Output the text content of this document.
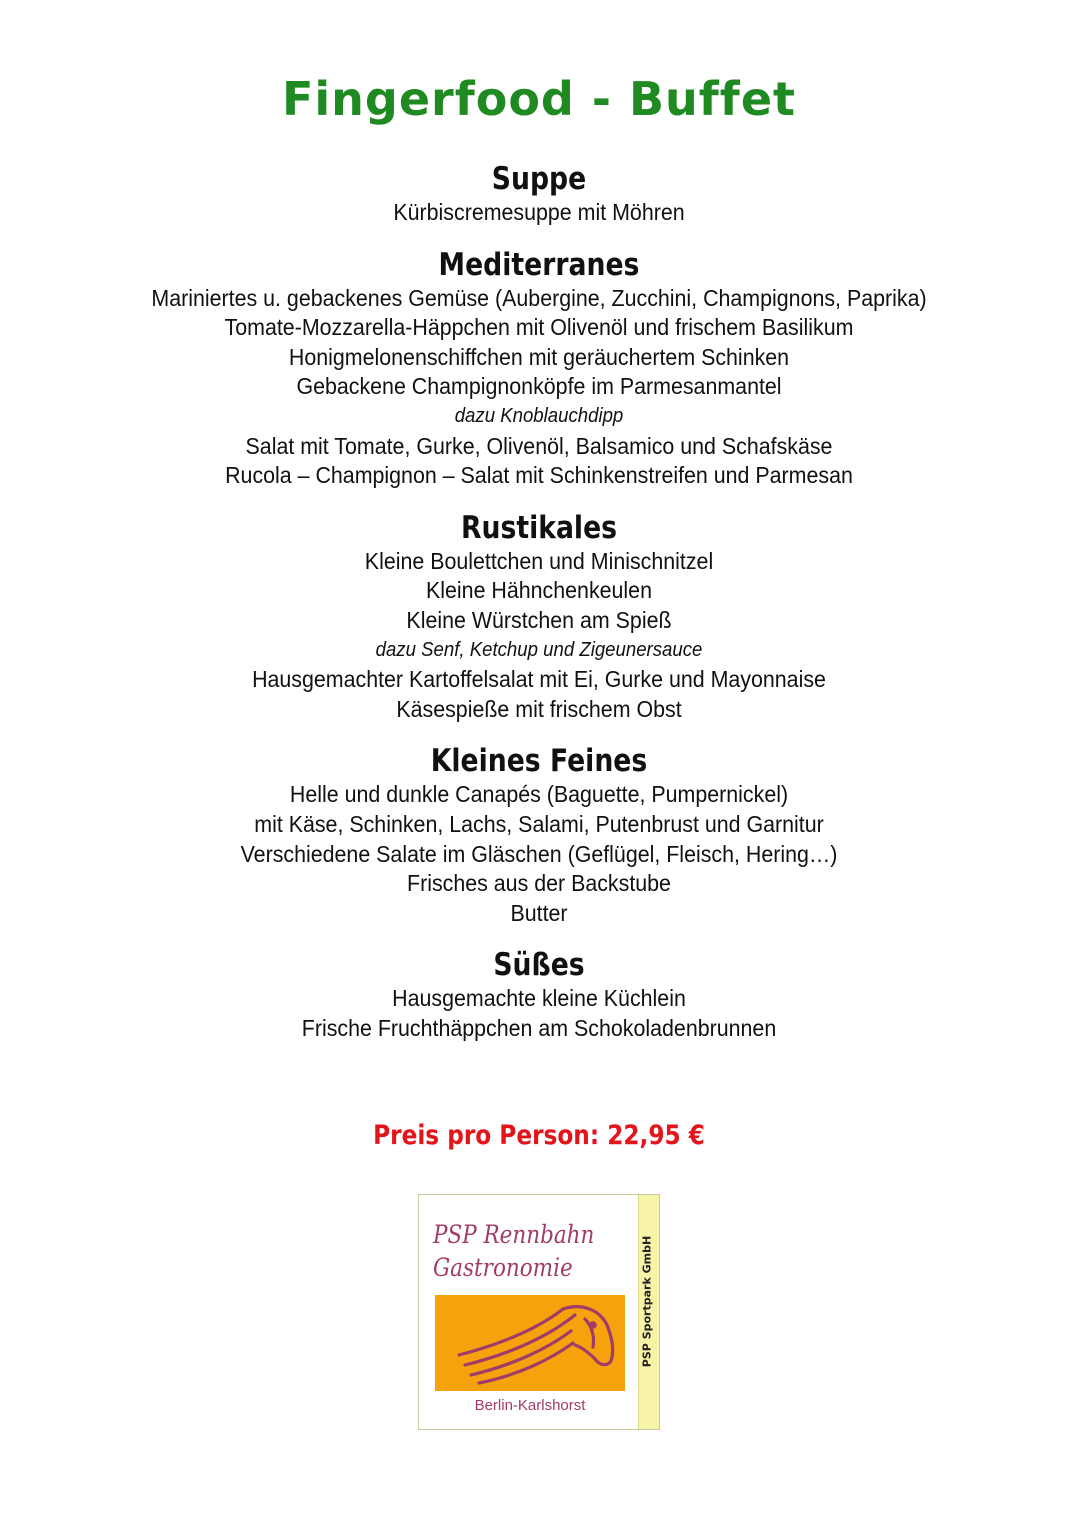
Fingerfood - Buffet
Suppe

Kürbiscremesuppe mit Möhren

Mediterranes

Mariniertes u. gebackenes Gemüse (Aubergine, Zucchini, Champignons, Paprika)

Tomate-Mozzarella-Häppchen mit Olivenöl und frischem Basilikum

Honigmelonenschiffchen mit geräuchertem Schinken

Gebackene Champignonköpfe im Parmesanmantel

dazu Knoblauchdipp

Salat mit Tomate, Gurke, Olivenöl, Balsamico und Schafskäse

Rucola – Champignon – Salat mit Schinkenstreifen und Parmesan

Rustikales

Kleine Boulettchen und Minischnitzel

Kleine Hähnchenkeulen

Kleine Würstchen am Spieß

dazu Senf, Ketchup und Zigeunersauce

Hausgemachter Kartoffelsalat mit Ei, Gurke und Mayonnaise

Käsespieße mit frischem Obst

Kleines Feines

Helle und dunkle Canapés (Baguette, Pumpernickel)

mit Käse, Schinken, Lachs, Salami, Putenbrust und Garnitur

Verschiedene Salate im Gläschen (Geflügel, Fleisch, Hering…)

Frisches aus der Backstube

Butter

Süßes

Hausgemachte kleine Küchlein

Frische Fruchthäppchen am Schokoladenbrunnen

Preis pro Person: 22,95 €

PSP Rennbahn
Gastronomie
Berlin-Karlshorst
PSP Sportpark GmbH
